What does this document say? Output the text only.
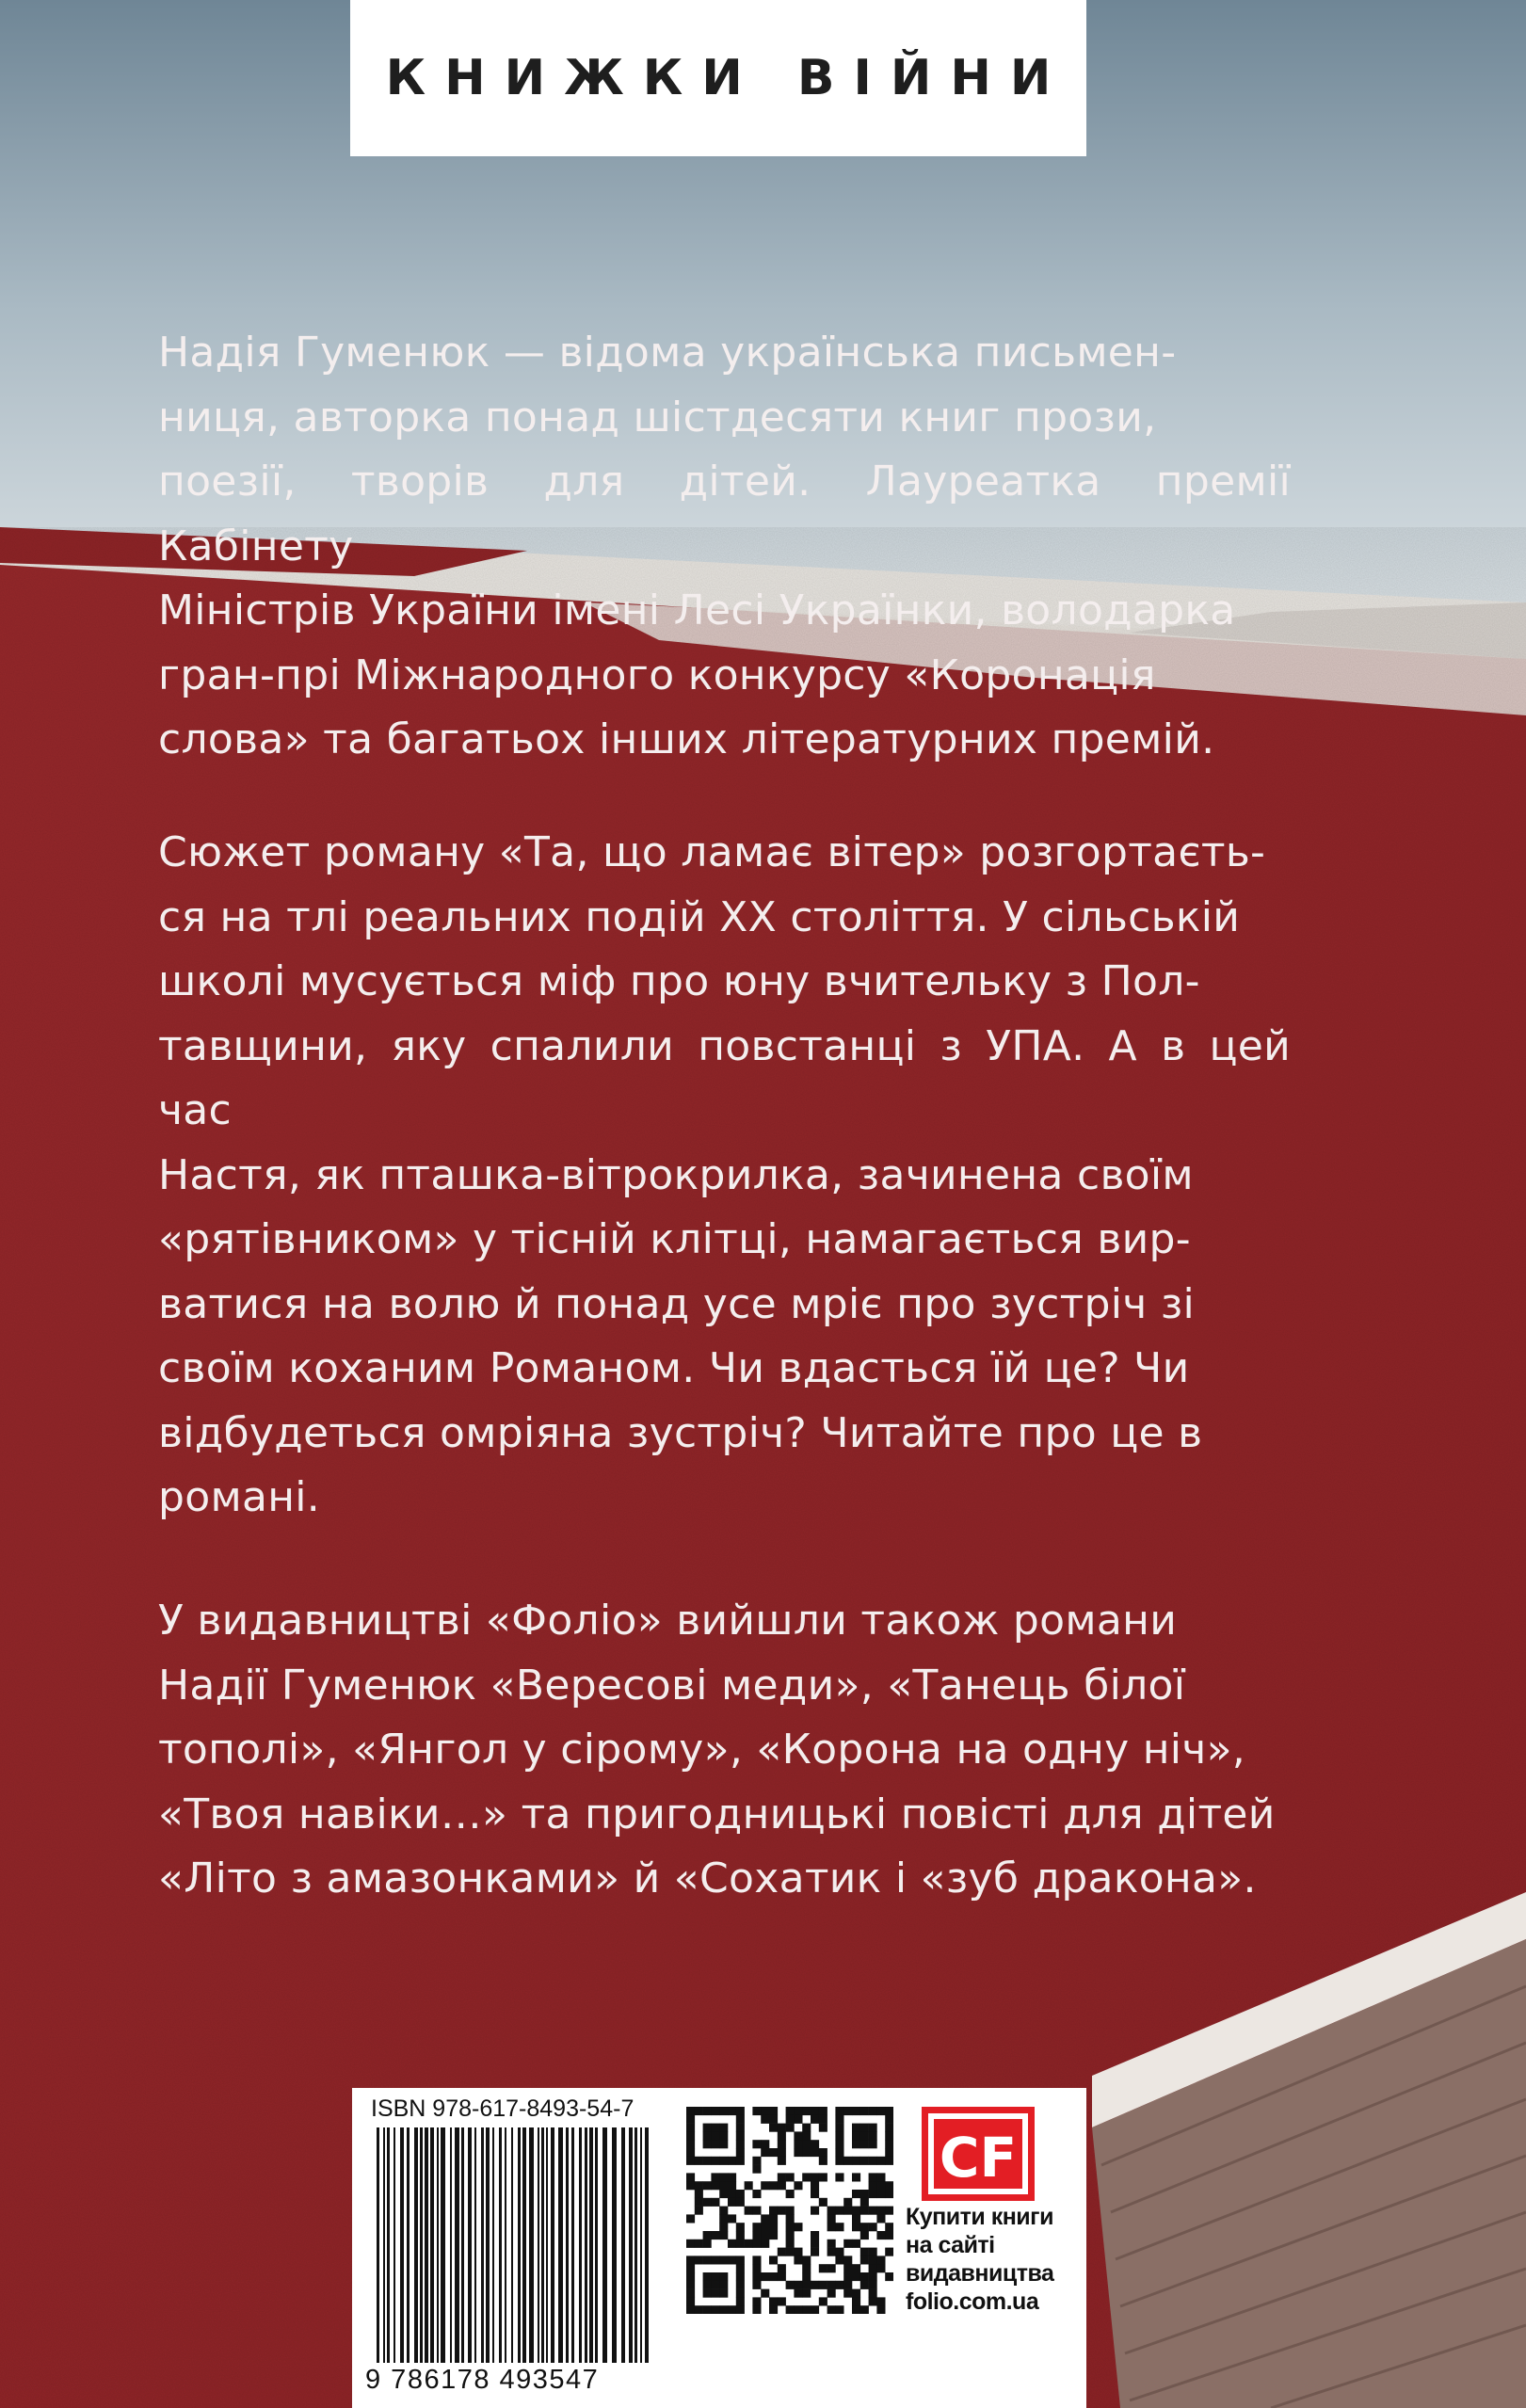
КНИЖКИ ВІЙНИ

Надія Гуменюк — відома українська письмен-
ниця, авторка понад шістдесяти книг прози,
поезії, творів для дітей. Лауреатка премії Кабінету
Міністрів України імені Лесі Українки, володарка
гран-прі Міжнародного конкурсу «Коронація
слова» та багатьох інших літературних премій.

Сюжет роману «Та, що ламає вітер» розгортаєть-
ся на тлі реальних подій XX століття. У сільській
школі мусується міф про юну вчительку з Пол-
тавщини, яку спалили повстанці з УПА. А в цей час
Настя, як пташка-вітрокрилка, зачинена своїм
«рятівником» у тісній клітці, намагається вир-
ватися на волю й понад усе мріє про зустріч зі
своїм коханим Романом. Чи вдасться їй це? Чи
відбудеться омріяна зустріч? Читайте про це в
романі.

У видавництві «Фоліо» вийшли також романи
Надії Гуменюк «Вересові меди», «Танець білої
тополі», «Янгол у сірому», «Корона на одну ніч»,
«Твоя навіки…» та пригодницькі повісті для дітей
«Літо з амазонками» й «Сохатик і «зуб дракона».

ISBN 978-617-8493-54-7
9 786178 493547
CF

Купити книги
на сайті
видавництва
folio.com.ua
